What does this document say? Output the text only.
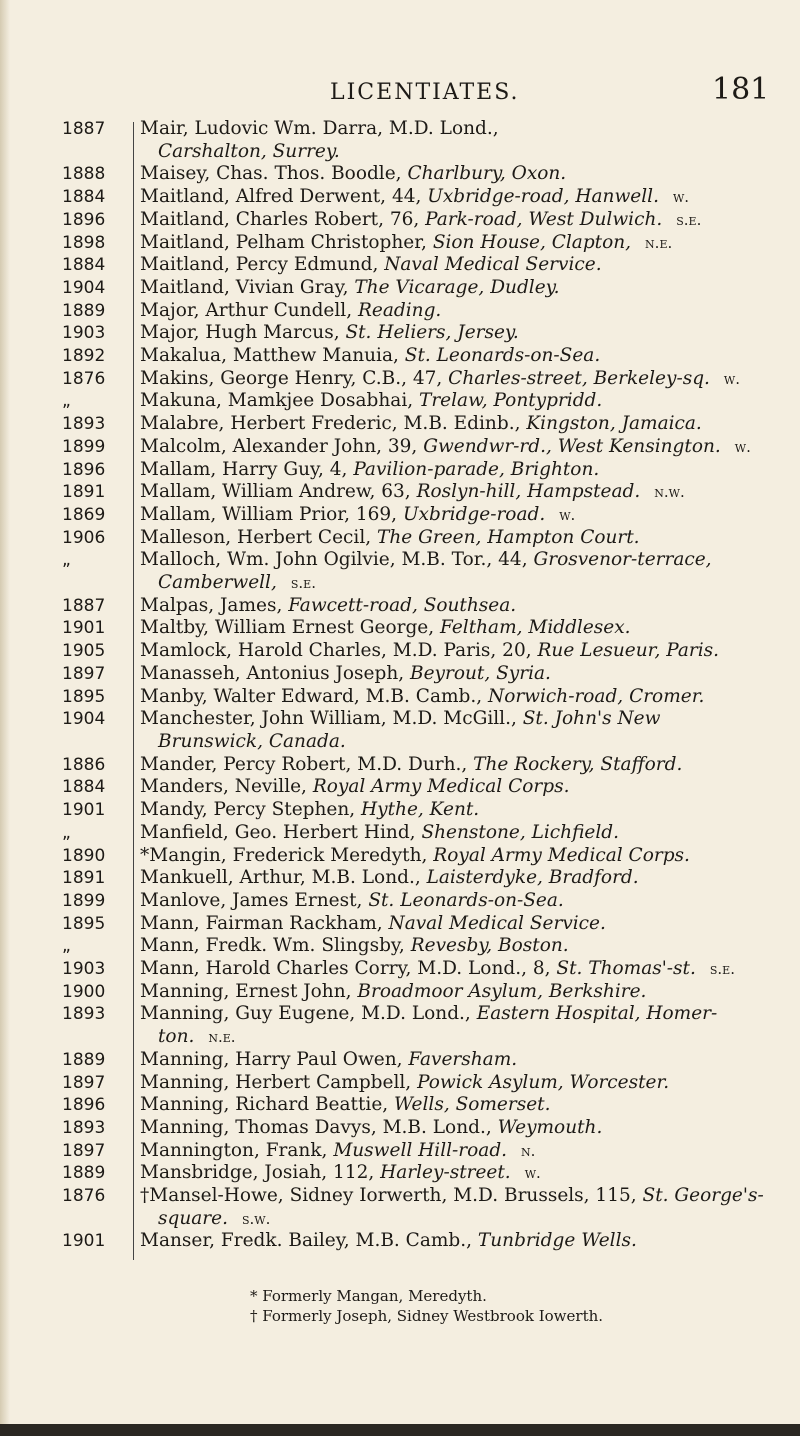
LICENTIATES.	181
1887	Mair, Ludovic Wm. Darra, M.D. Lond.,
Carshalton, Surrey.
1888	Maisey, Chas. Thos. Boodle, Charlbury, Oxon.
1884	Maitland, Alfred Derwent, 44, Uxbridge-road, Hanwell. w.
1896	Maitland, Charles Robert, 76, Park-road, West Dulwich. s.e.
1898	Maitland, Pelham Christopher, Sion House, Clapton, n.e.
1884	Maitland, Percy Edmund, Naval Medical Service.
1904	Maitland, Vivian Gray, The Vicarage, Dudley.
1889	Major, Arthur Cundell, Reading.
1903	Major, Hugh Marcus, St. Heliers, Jersey.
1892	Makalua, Matthew Manuia, St. Leonards-on-Sea.
1876	Makins, George Henry, C.B., 47, Charles-street, Berkeley-sq. w.
„	Makuna, Mamkjee Dosabhai, Trelaw, Pontypridd.
1893	Malabre, Herbert Frederic, M.B. Edinb., Kingston, Jamaica.
1899	Malcolm, Alexander John, 39, Gwendwr-rd., West Kensington. w.
1896	Mallam, Harry Guy, 4, Pavilion-parade, Brighton.
1891	Mallam, William Andrew, 63, Roslyn-hill, Hampstead. n.w.
1869	Mallam, William Prior, 169, Uxbridge-road. w.
1906	Malleson, Herbert Cecil, The Green, Hampton Court.
„	Malloch, Wm. John Ogilvie, M.B. Tor., 44, Grosvenor-terrace,
Camberwell, s.e.
1887	Malpas, James, Fawcett-road, Southsea.
1901	Maltby, William Ernest George, Feltham, Middlesex.
1905	Mamlock, Harold Charles, M.D. Paris, 20, Rue Lesueur, Paris.
1897	Manasseh, Antonius Joseph, Beyrout, Syria.
1895	Manby, Walter Edward, M.B. Camb., Norwich-road, Cromer.
1904	Manchester, John William, M.D. McGill., St. John's New
Brunswick, Canada.
1886	Mander, Percy Robert, M.D. Durh., The Rockery, Stafford.
1884	Manders, Neville, Royal Army Medical Corps.
1901	Mandy, Percy Stephen, Hythe, Kent.
„	Manfield, Geo. Herbert Hind, Shenstone, Lichfield.
1890	*Mangin, Frederick Meredyth, Royal Army Medical Corps.
1891	Mankuell, Arthur, M.B. Lond., Laisterdyke, Bradford.
1899	Manlove, James Ernest, St. Leonards-on-Sea.
1895	Mann, Fairman Rackham, Naval Medical Service.
„	Mann, Fredk. Wm. Slingsby, Revesby, Boston.
1903	Mann, Harold Charles Corry, M.D. Lond., 8, St. Thomas'-st. s.e.
1900	Manning, Ernest John, Broadmoor Asylum, Berkshire.
1893	Manning, Guy Eugene, M.D. Lond., Eastern Hospital, Homer-
ton. n.e.
1889	Manning, Harry Paul Owen, Faversham.
1897	Manning, Herbert Campbell, Powick Asylum, Worcester.
1896	Manning, Richard Beattie, Wells, Somerset.
1893	Manning, Thomas Davys, M.B. Lond., Weymouth.
1897	Mannington, Frank, Muswell Hill-road. n.
1889	Mansbridge, Josiah, 112, Harley-street. w.
1876	†Mansel-Howe, Sidney Iorwerth, M.D. Brussels, 115, St. George's-
square. s.w.
1901	Manser, Fredk. Bailey, M.B. Camb., Tunbridge Wells.
* Formerly Mangan, Meredyth.
† Formerly Joseph, Sidney Westbrook Iowerth.
